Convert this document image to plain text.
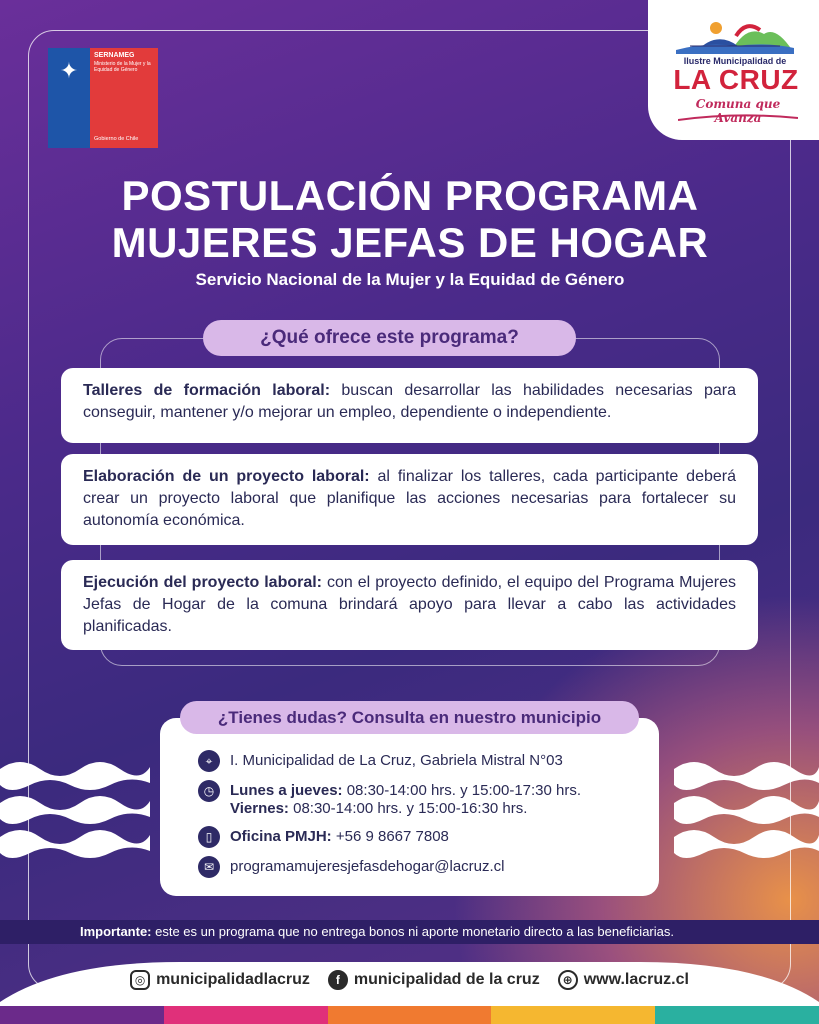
✦
SERNAMEG
Ministerio de la Mujer y la Equidad de Género
Gobierno de Chile
Ilustre Municipalidad de
LA CRUZ
Comuna que Avanza
POSTULACIÓN PROGRAMA
MUJERES JEFAS DE HOGAR
Servicio Nacional de la Mujer y la Equidad de Género
¿Qué ofrece este programa?
Talleres de formación laboral: buscan desarrollar las habilidades necesarias para conseguir, mantener y/o mejorar un empleo, dependiente o independiente.
Elaboración de un proyecto laboral: al finalizar los talleres, cada participante deberá crear un proyecto laboral que planifique las acciones necesarias para fortalecer su autonomía económica.
Ejecución del proyecto laboral: con el proyecto definido, el equipo del Programa Mujeres Jefas de Hogar de la comuna brindará apoyo para llevar a cabo las actividades planificadas.
⌖	I. Municipalidad de La Cruz, Gabriela Mistral N°03
◷	Lunes a jueves: 08:30-14:00 hrs. y 15:00-17:30 hrs.
Viernes: 08:30-14:00 hrs. y 15:00-16:30 hrs.
▯	Oficina PMJH: +56 9 8667 7808
✉	programamujeresjefasdehogar@lacruz.cl
¿Tienes dudas? Consulta en nuestro municipio
Importante: este es un programa que no entrega bonos ni aporte monetario directo a las beneficiarias.
◎ municipalidadlacruz	f municipalidad de la cruz	⊕ www.lacruz.cl
